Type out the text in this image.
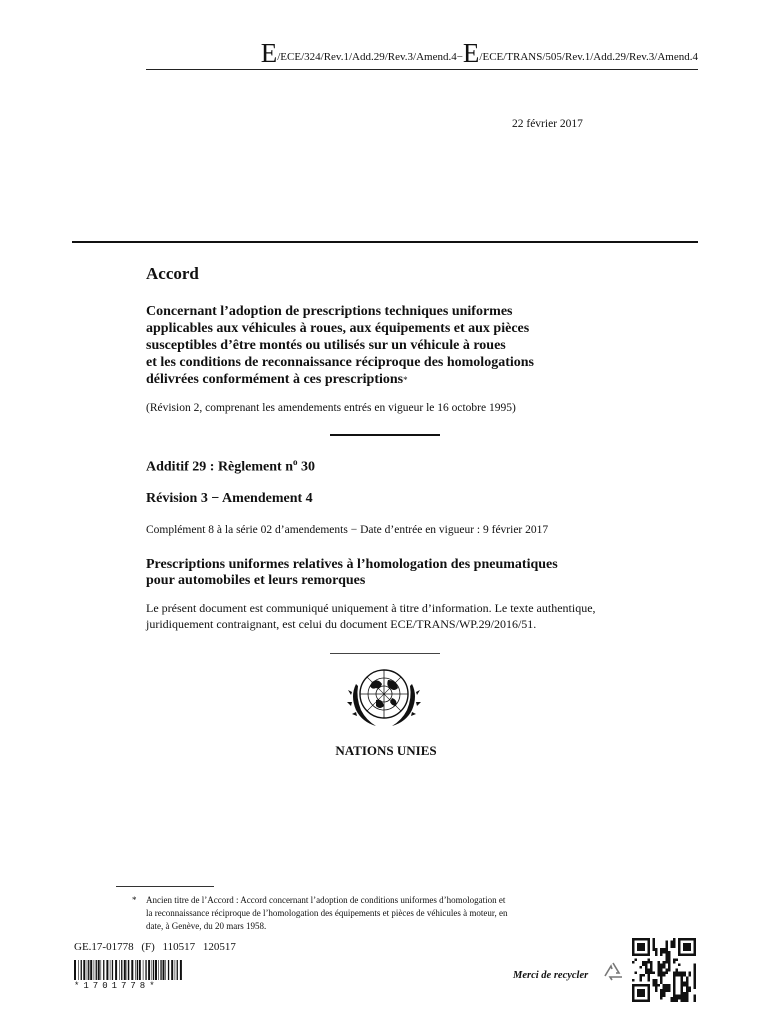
E/ECE/324/Rev.1/Add.29/Rev.3/Amend.4−E/ECE/TRANS/505/Rev.1/Add.29/Rev.3/Amend.4
22 février 2017
Accord
Concernant l’adoption de prescriptions techniques uniformes
applicables aux véhicules à roues, aux équipements et aux pièces
susceptibles d’être montés ou utilisés sur un véhicule à roues
et les conditions de reconnaissance réciproque des homologations
délivrées conformément à ces prescriptions*
(Révision 2, comprenant les amendements entrés en vigueur le 16 octobre 1995)
Additif 29 : Règlement $n^o$ 30
Révision 3 − Amendement 4
Complément 8 à la série 02 d’amendements − Date d’entrée en vigueur : 9 février 2017
Prescriptions uniformes relatives à l’homologation des pneumatiques
pour automobiles et leurs remorques
Le présent document est communiqué uniquement à titre d’information. Le texte authentique,
juridiquement contraignant, est celui du document ECE/TRANS/WP.29/2016/51.
NATIONS UNIES
* Ancien titre de l’Accord : Accord concernant l’adoption de conditions uniformes d’homologation et
la reconnaissance réciproque de l’homologation des équipements et pièces de véhicules à moteur, en
date, à Genève, du 20 mars 1958.
GE.17-01778 (F) 110517 120517
*1701778*
Merci de recycler
